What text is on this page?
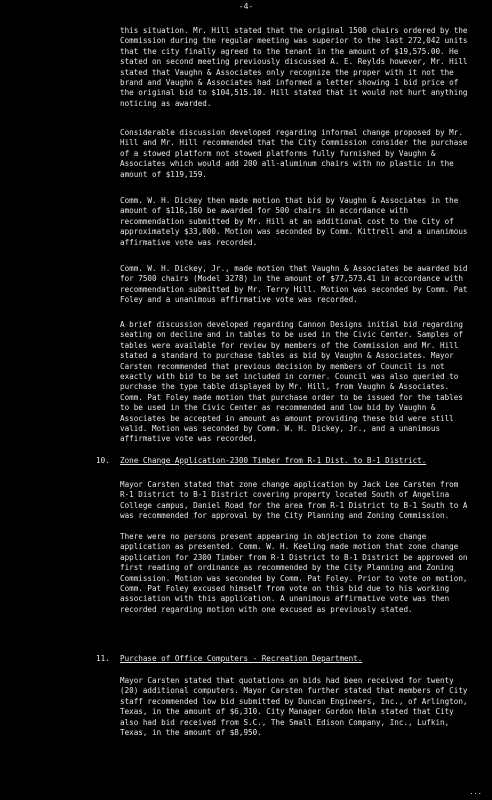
-4-

this situation. Mr. Hill stated that the original 1500 chairs ordered by the Commission during the regular meeting was superior to the last 272,042 units that the city finally agreed to the tenant in the amount of $19,575.00. He stated on second meeting previously discussed A. E. Reylds however, Mr. Hill stated that Vaughn & Associates only recognize the proper with it not the brand and Vaughn & Associates had informed a letter showing 1 bid price of the original bid to $104,515.10. Hill stated that it would not hurt anything noticing as awarded.

Considerable discussion developed regarding informal change proposed by Mr. Hill and Mr. Hill recommended that the City Commission consider the purchase of a stowed platform not stowed platforms fully furnished by Vaughn & Associates which would add 200 all-aluminum chairs with no plastic in the amount of $119,159.

Comm. W. H. Dickey then made motion that bid by Vaughn & Associates in the amount of $116,160 be awarded for 500 chairs in accordance with recommendation submitted by Mr. Hill at an additional cost to the City of approximately $33,000. Motion was seconded by Comm. Kittrell and a unanimous affirmative vote was recorded.

Comm. W. H. Dickey, Jr., made motion that Vaughn & Associates be awarded bid for 7500 chairs (Model 3278) in the amount of $77,573.41 in accordance with recommendation submitted by Mr. Terry Hill. Motion was seconded by Comm. Pat Foley and a unanimous affirmative vote was recorded.

A brief discussion developed regarding Cannon Designs initial bid regarding seating on decline and in tables to be used in the Civic Center. Samples of tables were available for review by members of the Commission and Mr. Hill stated a standard to purchase tables as bid by Vaughn & Associates. Mayor Carsten recommended that previous decision by members of Council is not exactly with bid to be set included in corner. Council was also queried to purchase the type table displayed by Mr. Hill, from Vaughn & Associates. Comm. Pat Foley made motion that purchase order to be issued for the tables to be used in the Civic Center as recommended and low bid by Vaughn & Associates be accepted in amount as amount providing these bid were still valid. Motion was seconded by Comm. W. H. Dickey, Jr., and a unanimous affirmative vote was recorded.

10. Zone Change Application-2300 Timber from R-1 Dist. to B-1 District.

Mayor Carsten stated that zone change application by Jack Lee Carsten from R-1 District to B-1 District covering property located South of Angelina College campus, Daniel Road for the area from R-1 District to B-1 South to A was recommended for approval by the City Planning and Zoning Commission.

There were no persons present appearing in objection to zone change application as presented. Comm. W. H. Keeling made motion that zone change application for 2300 Timber from R-1 District to B-1 District be approved on first reading of ordinance as recommended by the City Planning and Zoning Commission. Motion was seconded by Comm. Pat Foley. Prior to vote on motion, Comm. Pat Foley excused himself from vote on this bid due to his working association with this application. A unanimous affirmative vote was then recorded regarding motion with one excused as previously stated.

11. Purchase of Office Computers - Recreation Department.

Mayor Carsten stated that quotations on bids had been received for twenty (20) additional computers. Mayor Carsten further stated that members of City staff recommended low bid submitted by Duncan Engineers, Inc., of Arlington, Texas, in the amount of $6,310. City Manager Gordon Holm stated that City also had bid received from S.C., The Small Edison Company, Inc., Lufkin, Texas, in the amount of $8,950.

...
